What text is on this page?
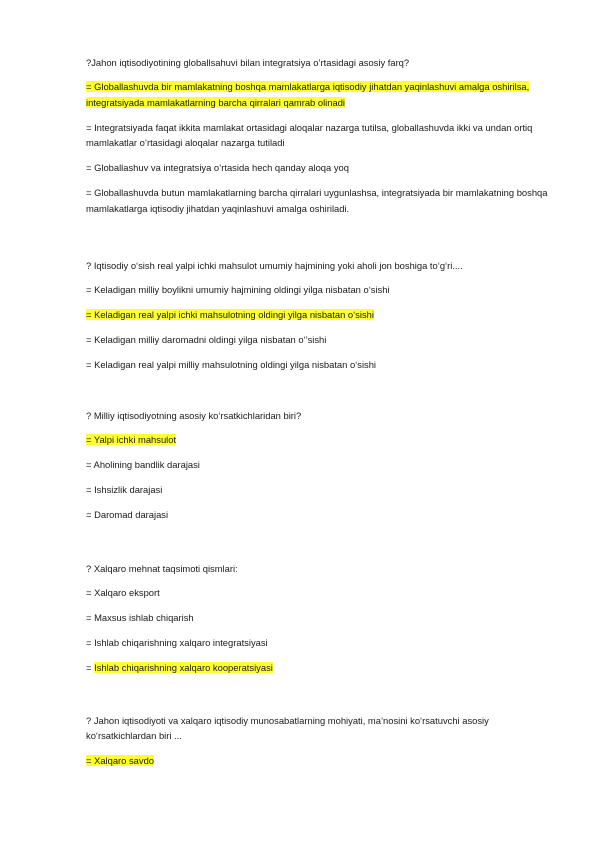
?Jahon iqtisodiyotining globallsahuvi bilan integratsiya o’rtasidagi asosiy farq?

= Globallashuvda bir mamlakatning boshqa mamlakatlarga iqtisodiy jihatdan yaqinlashuvi amalga oshirilsa, integratsiyada mamlakatlarning barcha qirralari qamrab olinadi

= Integratsiyada faqat ikkita mamlakat ortasidagi aloqalar nazarga tutilsa, globallashuvda ikki va undan ortiq mamlakatlar o’rtasidagi aloqalar nazarga tutiladi

= Globallashuv va integratsiya o’rtasida hech qanday aloqa yoq

= Globallashuvda butun mamlakatlarning barcha qirralari uygunlashsa, integratsiyada bir mamlakatning boshqa mamlakatlarga iqtisodiy jihatdan yaqinlashuvi amalga oshiriladi.

? Iqtisodiy o‘sish real yalpi ichki mahsulot umumiy hajmining yoki aholi jon boshiga to‘g‘ri....

= Keladigan milliy boylikni umumiy hajmining oldingi yilga nisbatan o‘sishi

= Keladigan real yalpi ichki mahsulotning oldingi yilga nisbatan o‘sishi

= Keladigan milliy daromadni oldingi yilga nisbatan o‘’sishi

= Keladigan real yalpi milliy mahsulotning oldingi yilga nisbatan o‘sishi

? Milliy iqtisodiyotning asosiy ko‘rsatkichlaridan biri?

= Yalpi ichki mahsulot

= Aholining bandlik darajasi

= Ishsizlik darajasi

= Daromad darajasi

? Xalqaro mehnat taqsimoti qismlari:

= Xalqaro eksport

= Maxsus ishlab chiqarish

= Ishlab chiqarishning xalqaro integratsiyasi

= Ishlab chiqarishning xalqaro kooperatsiyasi

? Jahon iqtisodiyoti va xalqaro iqtisodiy munosabatlarning mohiyati, ma’nosini ko‘rsatuvchi asosiy ko‘rsatkichlardan biri ...

= Xalqaro savdo
